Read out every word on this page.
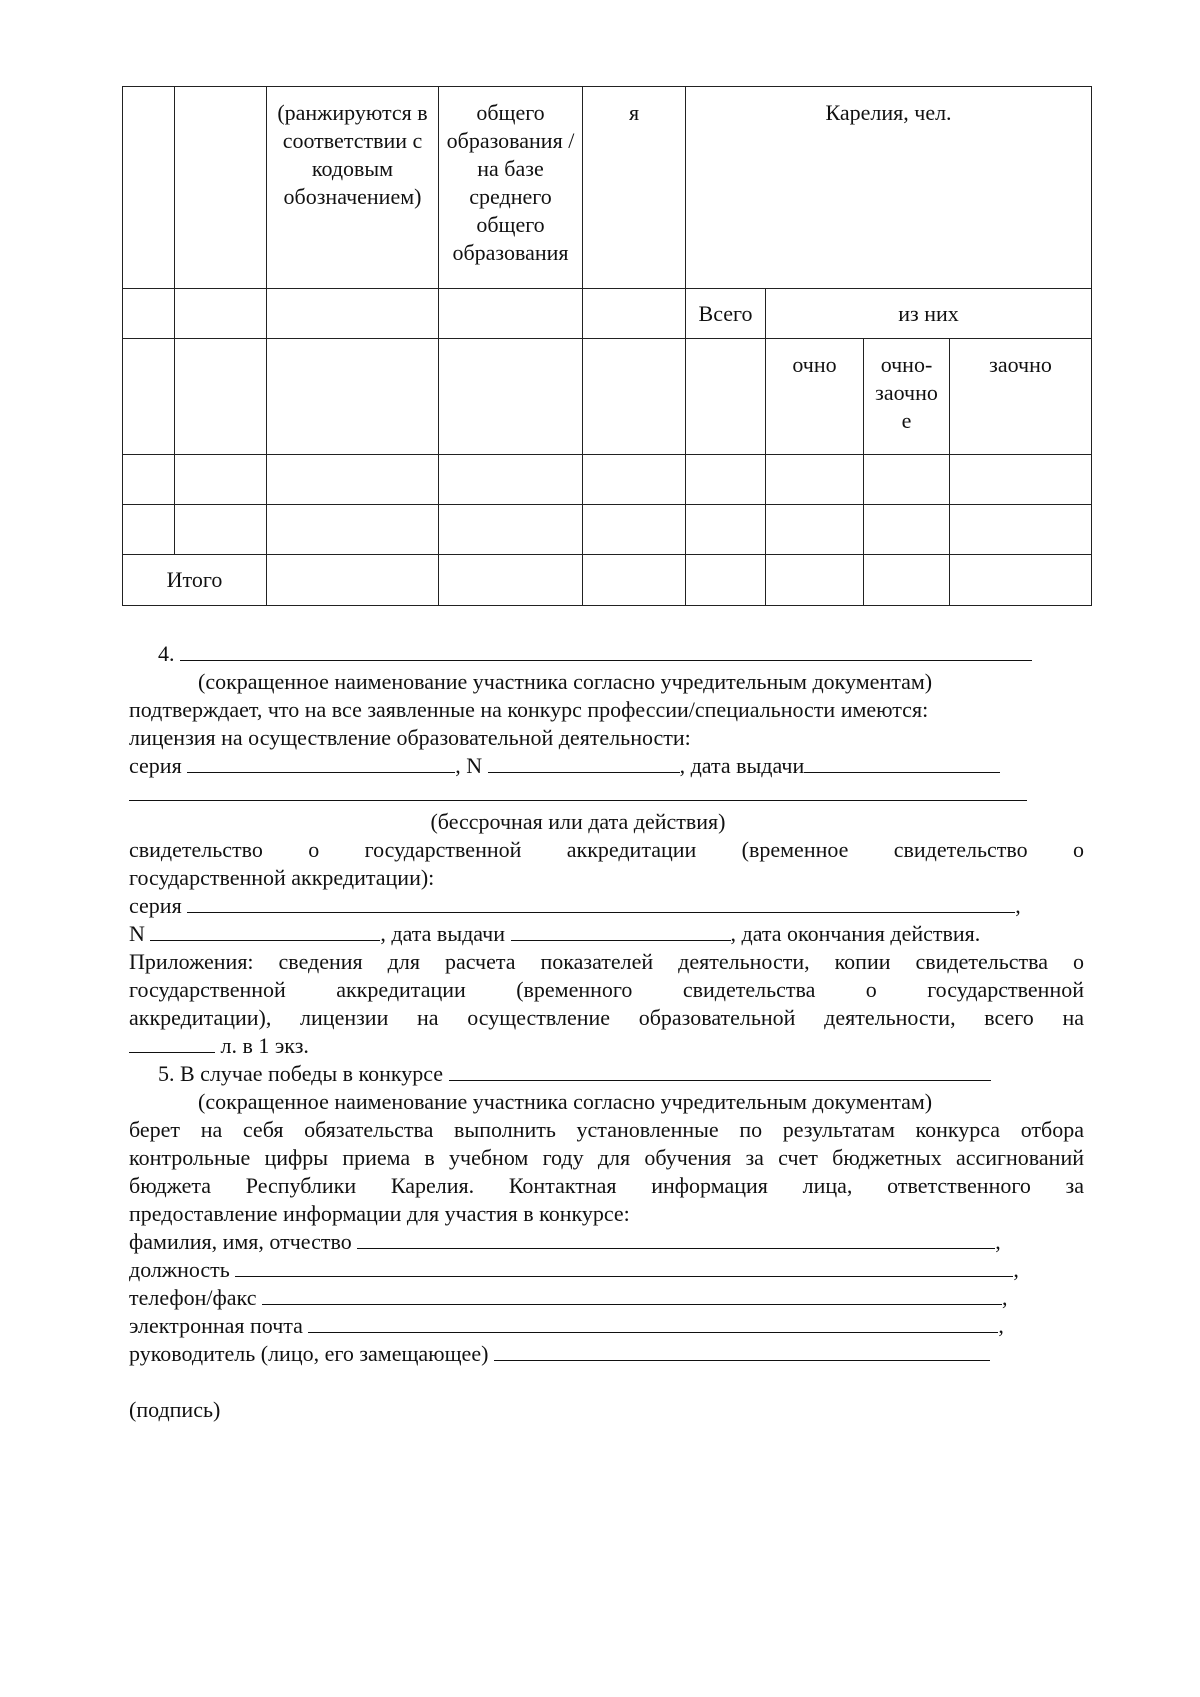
		(ранжируются в соответствии с кодовым обозначением)	общего образования / на базе среднего общего образования	я	Карелия, чел.			
					Всего	из них		
						очно	очно-заочно е	заочно

Итого								
4.
(сокращенное наименование участника согласно учредительным документам)
подтверждает, что на все заявленные на конкурс профессии/специальности имеются:
лицензия на осуществление образовательной деятельности:
серия	, N	, дата выдачи
(бессрочная или дата действия)
свидетельство о государственной аккредитации (временное свидетельство о
государственной аккредитации):
серия	,
N	, дата выдачи	, дата окончания действия.
Приложения: сведения для расчета показателей деятельности, копии свидетельства о
государственной аккредитации (временного свидетельства о государственной
аккредитации), лицензии на осуществление образовательной деятельности, всего на
л. в 1 экз.
5. В случае победы в конкурсе
(сокращенное наименование участника согласно учредительным документам)
берет на себя обязательства выполнить установленные по результатам конкурса отбора
контрольные цифры приема в учебном году для обучения за счет бюджетных ассигнований
бюджета Республики Карелия. Контактная информация лица, ответственного за
предоставление информации для участия в конкурсе:
фамилия, имя, отчество	,
должность	,
телефон/факс	,
электронная почта	,
руководитель (лицо, его замещающее)
(подпись)
